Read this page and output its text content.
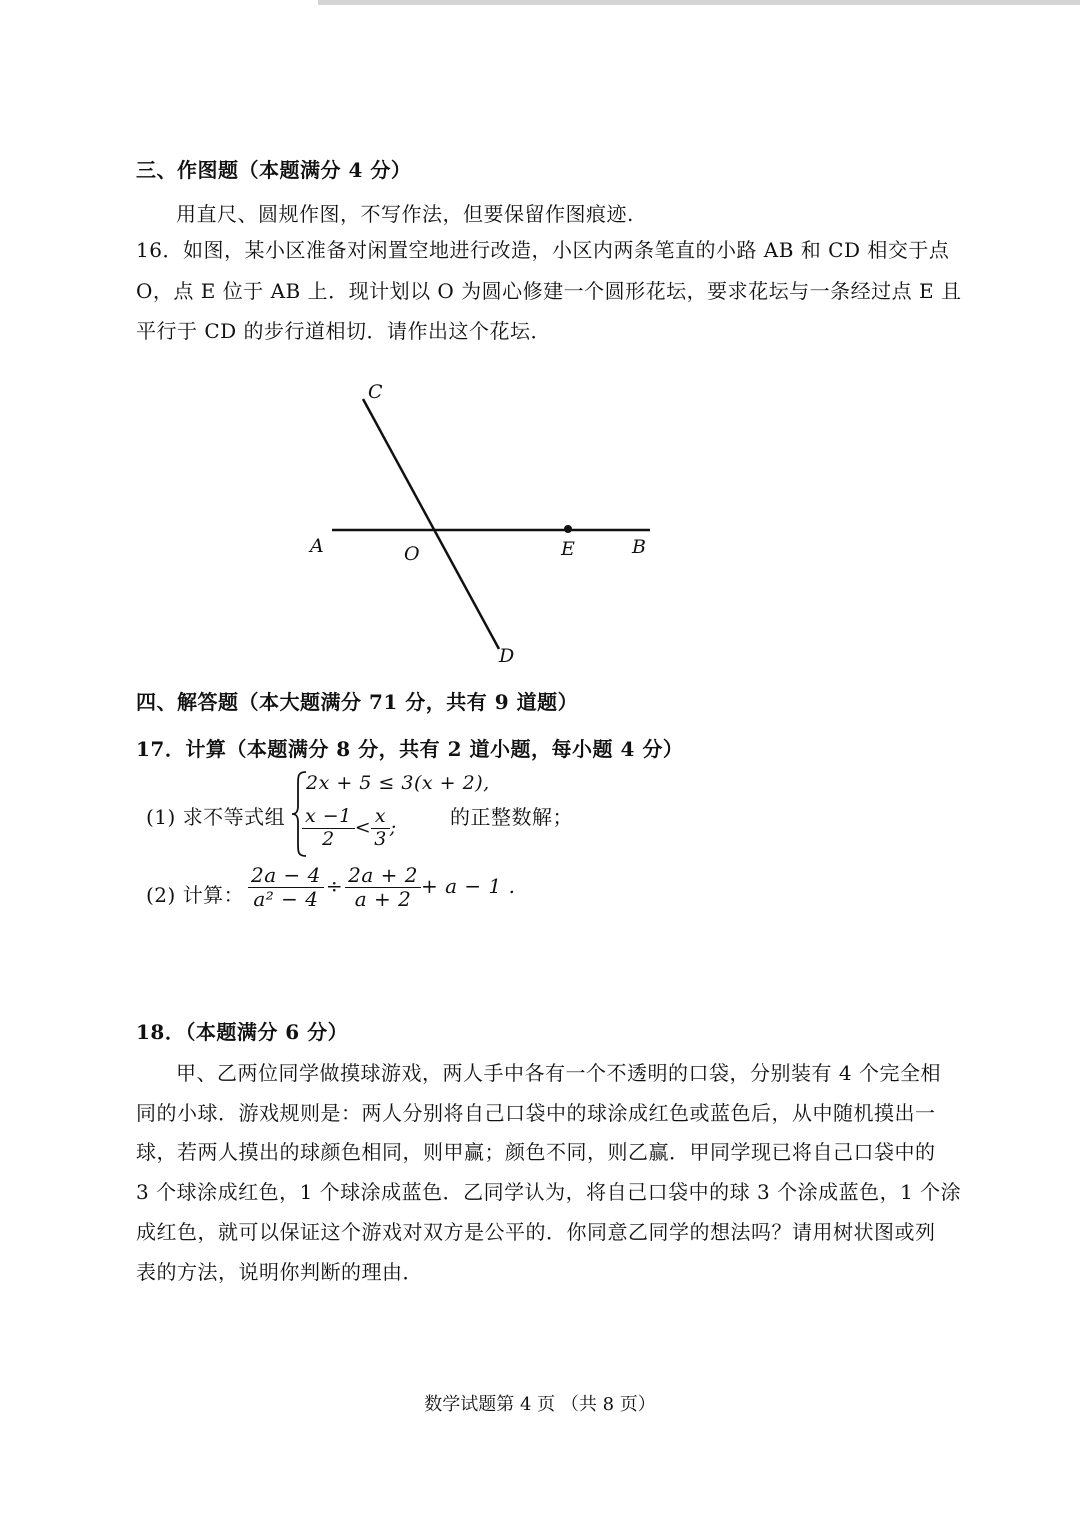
三、作图题（本题满分 4 分）
用直尺、圆规作图，不写作法，但要保留作图痕迹.
16．如图，某小区准备对闲置空地进行改造，小区内两条笔直的小路 AB 和 CD 相交于点
O，点 E 位于 AB 上．现计划以 O 为圆心修建一个圆形花坛，要求花坛与一条经过点 E 且
平行于 CD 的步行道相切．请作出这个花坛．
C
A	O	E	B
D
四、解答题（本大题满分 71 分，共有 9 道题）
17．计算（本题满分 8 分，共有 2 道小题，每小题 4 分）
(1) 求不等式组
2x + 5 ≤ 3(x + 2),
$\frac{x -1}{2} < \frac{x}{3}$ ;	的正整数解；
(2) 计算： $\frac{2a - 4}{\text{a² − 4}} \div \frac{2a + 2}{a + 2} + a - 1$ .
18．（本题满分 6 分）
甲、乙两位同学做摸球游戏，两人手中各有一个不透明的口袋，分别装有 4 个完全相
同的小球．游戏规则是：两人分别将自己口袋中的球涂成红色或蓝色后，从中随机摸出一
球，若两人摸出的球颜色相同，则甲赢；颜色不同，则乙赢．甲同学现已将自己口袋中的
3 个球涂成红色，1 个球涂成蓝色．乙同学认为，将自己口袋中的球 3 个涂成蓝色，1 个涂
成红色，就可以保证这个游戏对双方是公平的．你同意乙同学的想法吗？请用树状图或列
表的方法，说明你判断的理由．
数学试题第 4 页 （共 8 页）
